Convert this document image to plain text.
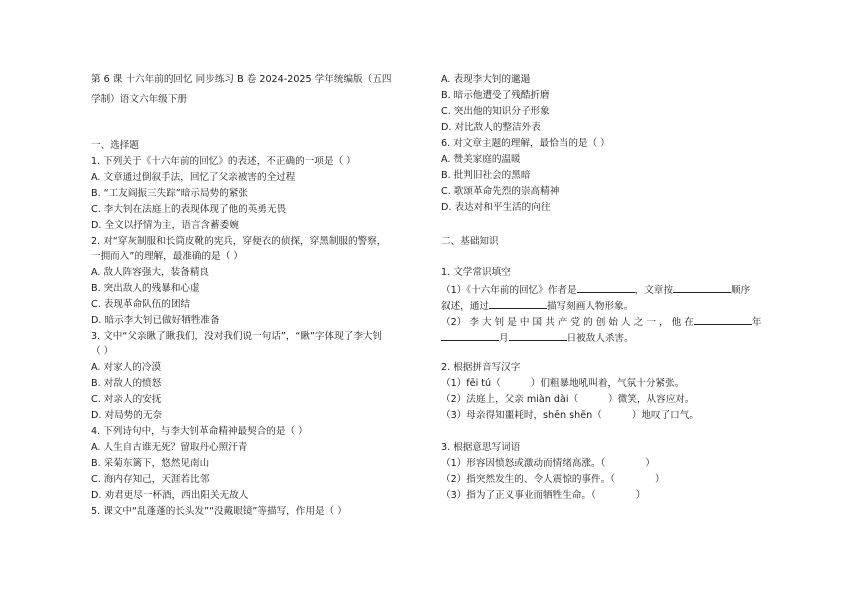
第 6 课 十六年前的回忆 同步练习 B 卷 2024-2025 学年统编版（五四
学制）语文六年级下册
一、选择题
1. 下列关于《十六年前的回忆》的表述，不正确的一项是（ ）
A. 文章通过倒叙手法，回忆了父亲被害的全过程
B. “工友阎振三失踪”暗示局势的紧张
C. 李大钊在法庭上的表现体现了他的英勇无畏
D. 全文以抒情为主，语言含蓄委婉
2. 对“穿灰制服和长筒皮靴的宪兵，穿便衣的侦探，穿黑制服的警察，
一拥而入”的理解，最准确的是（ ）
A. 敌人阵容强大，装备精良
B. 突出敌人的残暴和心虚
C. 表现革命队伍的团结
D. 暗示李大钊已做好牺牲准备
3. 文中“父亲瞅了瞅我们，没对我们说一句话”，“瞅”字体现了李大钊
（ ）
A. 对家人的冷漠
B. 对敌人的愤怒
C. 对亲人的安抚
D. 对局势的无奈
4. 下列诗句中，与李大钊革命精神最契合的是（ ）
A. 人生自古谁无死？留取丹心照汗青
B. 采菊东篱下，悠然见南山
C. 海内存知己，天涯若比邻
D. 劝君更尽一杯酒，西出阳关无故人
5. 课文中“乱蓬蓬的长头发”“没戴眼镜”等描写，作用是（ ）
A. 表现李大钊的邋遢
B. 暗示他遭受了残酷折磨
C. 突出他的知识分子形象
D. 对比敌人的整洁外表
6. 对文章主题的理解，最恰当的是（ ）
A. 赞美家庭的温暖
B. 批判旧社会的黑暗
C. 歌颂革命先烈的崇高精神
D. 表达对和平生活的向往
二、基础知识
1. 文学常识填空
（1）《十六年前的回忆》作者是	，文章按	顺序
叙述，通过	描写刻画人物形象。
（2） 李 大 钊 是 中 国 共 产 党 的 创 始 人 之 一 ， 他 在	年
月	日被敌人杀害。
2. 根据拼音写汉字
（1）fēi tú（	）们粗暴地吼叫着，气氛十分紧张。
（2）法庭上，父亲 miàn dài（	）微笑，从容应对。
（3）母亲得知噩耗时，shēn shēn（	）地叹了口气。
3. 根据意思写词语
（1）形容因愤怒或激动而情绪高涨。（	）
（2）指突然发生的、令人震惊的事件。（	）
（3）指为了正义事业而牺牲生命。（	）
